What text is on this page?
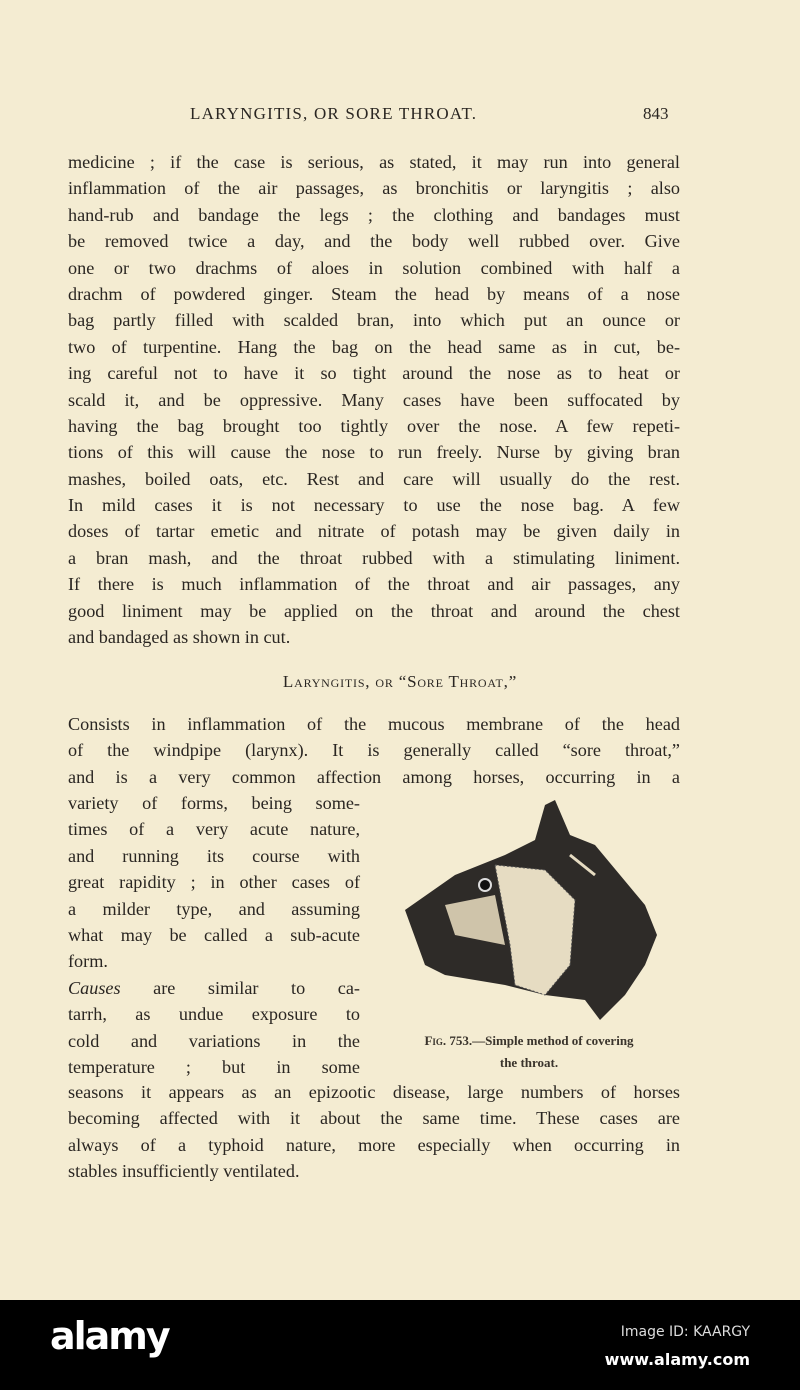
LARYNGITIS, OR SORE THROAT.	843
medicine ; if the case is serious, as stated, it may run into general
inflammation of the air passages, as bronchitis or laryngitis ; also
hand-rub and bandage the legs ; the clothing and bandages must
be removed twice a day, and the body well rubbed over. Give
one or two drachms of aloes in solution combined with half a
drachm of powdered ginger. Steam the head by means of a nose
bag partly filled with scalded bran, into which put an ounce or
two of turpentine. Hang the bag on the head same as in cut, be-
ing careful not to have it so tight around the nose as to heat or
scald it, and be oppressive. Many cases have been suffocated by
having the bag brought too tightly over the nose. A few repeti-
tions of this will cause the nose to run freely. Nurse by giving bran
mashes, boiled oats, etc. Rest and care will usually do the rest.
In mild cases it is not necessary to use the nose bag. A few
doses of tartar emetic and nitrate of potash may be given daily in
a bran mash, and the throat rubbed with a stimulating liniment.
If there is much inflammation of the throat and air passages, any
good liniment may be applied on the throat and around the chest
and bandaged as shown in cut.
Laryngitis, or “Sore Throat,”
Consists in inflammation of the mucous membrane of the head
of the windpipe (larynx). It is generally called “sore throat,”
and is a very common affection among horses, occurring in a
variety of forms, being some-
times of a very acute nature,
and running its course with
great rapidity ; in other cases of
a milder type, and assuming
what may be called a sub-acute
form.
Causes are similar to ca-
tarrh, as undue exposure to
cold and variations in the
temperature ; but in some
seasons it appears as an epizootic disease, large numbers of horses
becoming affected with it about the same time. These cases are
always of a typhoid nature, more especially when occurring in
stables insufficiently ventilated.
Fig. 753.—Simple method of covering
the throat.
alamy	Image ID: KAARGY
www.alamy.com
